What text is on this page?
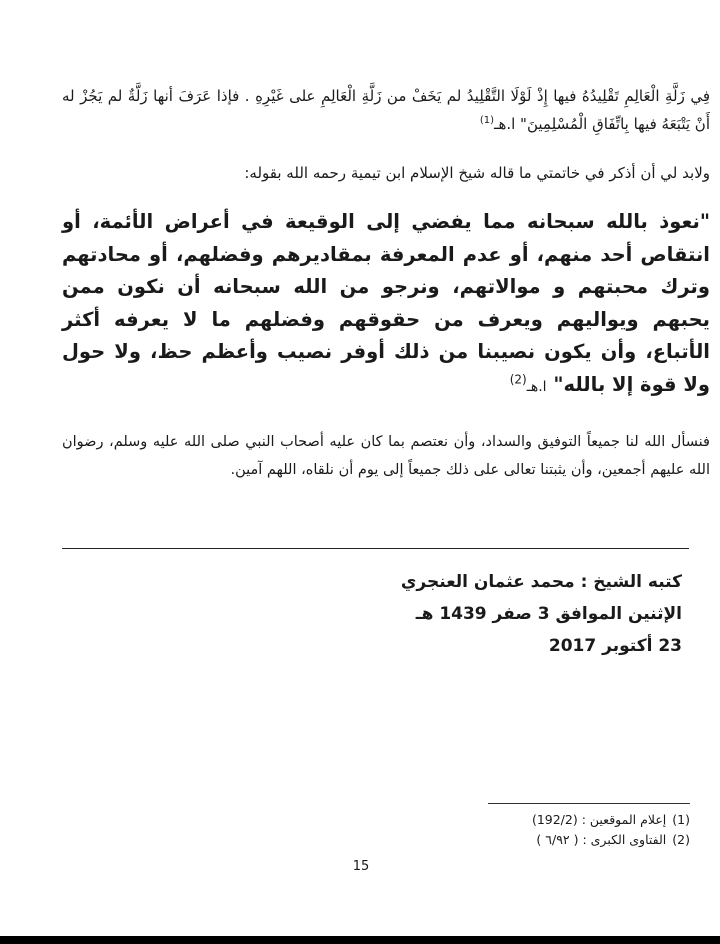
فِي زَلَّةِ الْعَالِمِ تَقْلِيدُهُ فيها إِذْ لَوْلَا التَّقْلِيدُ لم يَخَفْ من زَلَّةِ الْعَالِمِ على غَيْرِهِ . فإذا عَرَفَ أنها زَلَّةٌ لم يَجُزْ له أَنْ يَتْبَعَهُ فيها بِاتِّفَاقِ الْمُسْلِمِينَ" ا.هـ$^{(1)}$

ولابد لي أن أذكر في خاتمتي ما قاله شيخ الإسلام ابن تيمية رحمه الله بقوله:

"نعوذ بالله سبحانه مما يفضي إلى الوقيعة في أعراض الأئمة، أو انتقاص أحد منهم، أو عدم المعرفة بمقاديرهم وفضلهم، أو محادتهم وترك محبتهم و موالاتهم، ونرجو من الله سبحانه أن نكون ممن يحبهم ويواليهم ويعرف من حقوقهم وفضلهم ما لا يعرفه أكثر الأتباع، وأن يكون نصيبنا من ذلك أوفر نصيب وأعظم حظ، ولا حول ولا قوة إلا بالله" ا.هـ$^{(2)}$

فنسأل الله لنا جميعاً التوفيق والسداد، وأن نعتصم بما كان عليه أصحاب النبي صلى الله عليه وسلم، رضوان الله عليهم أجمعين، وأن يثبتنا تعالى على ذلك جميعاً إلى يوم أن نلقاه، اللهم آمين.

كتبه الشيخ : محمد عثمان العنجري

الإثنين الموافق 3 صفر 1439 هـ

23 أكتوبر 2017

(1)إعلام الموقعين : (192/2)

(2)الفتاوى الكبرى : ( ٦/٩٢ )

15
